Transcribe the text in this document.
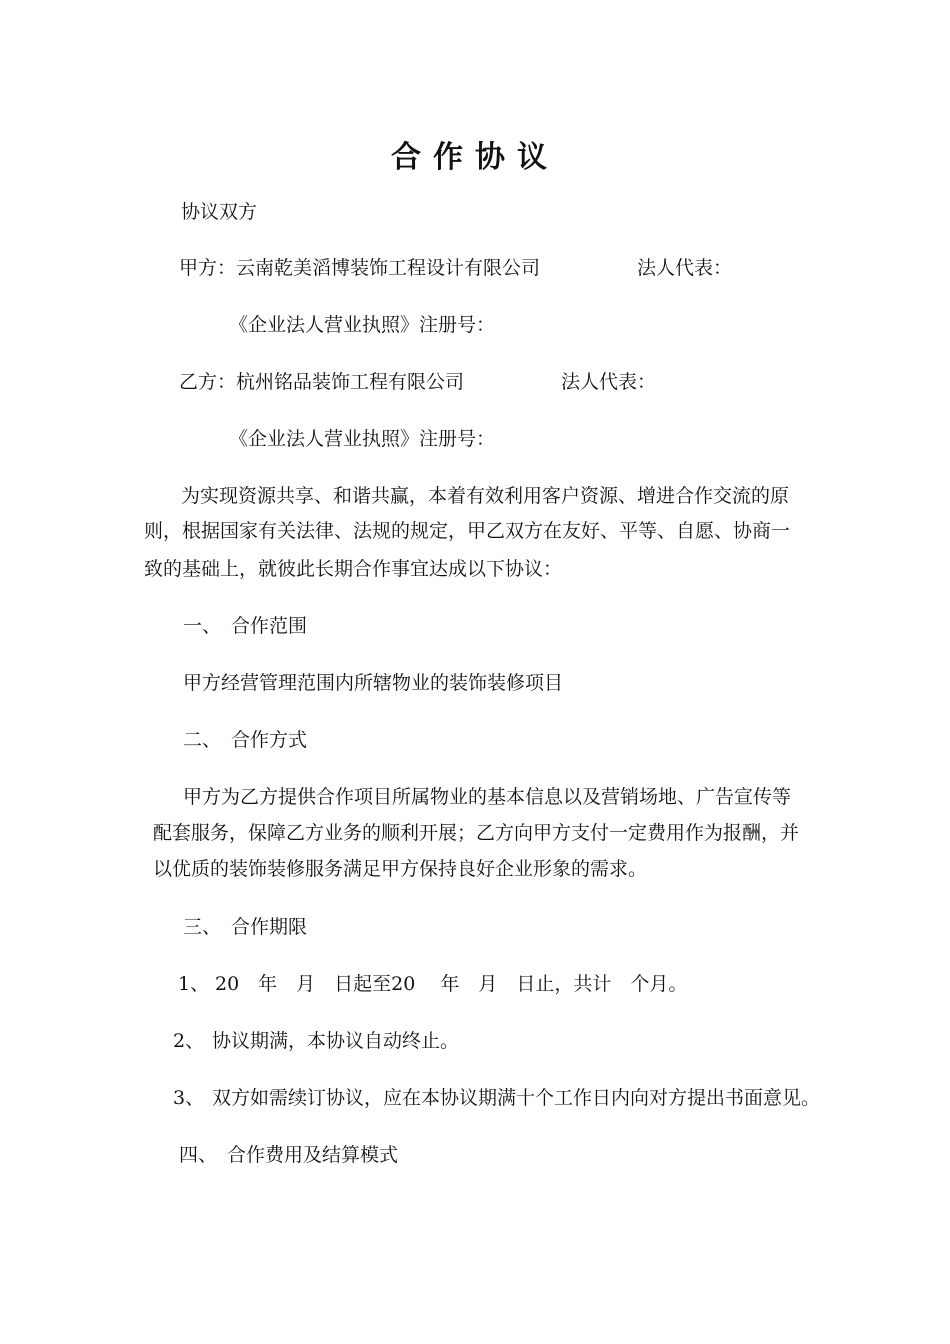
合作协议
协议双方
甲方：云南乾美滔博装饰工程设计有限公司	法人代表：
《企业法人营业执照》注册号：
乙方：杭州铭品装饰工程有限公司	法人代表：
《企业法人营业执照》注册号：
为实现资源共享、和谐共赢，本着有效利用客户资源、增进合作交流的原
则，根据国家有关法律、法规的规定，甲乙双方在友好、平等、自愿、协商一
致的基础上，就彼此长期合作事宜达成以下协议：
一、 合作范围
甲方经营管理范围内所辖物业的装饰装修项目
二、 合作方式
甲方为乙方提供合作项目所属物业的基本信息以及营销场地、广告宣传等
配套服务，保障乙方业务的顺利开展；乙方向甲方支付一定费用作为报酬，并
以优质的装饰装修服务满足甲方保持良好企业形象的需求。
三、 合作期限
1、 20　年　月　日起至20　 年　月　日止，共计　个月。
2、 协议期满，本协议自动终止。
3、 双方如需续订协议，应在本协议期满十个工作日内向对方提出书面意见。
四、 合作费用及结算模式
